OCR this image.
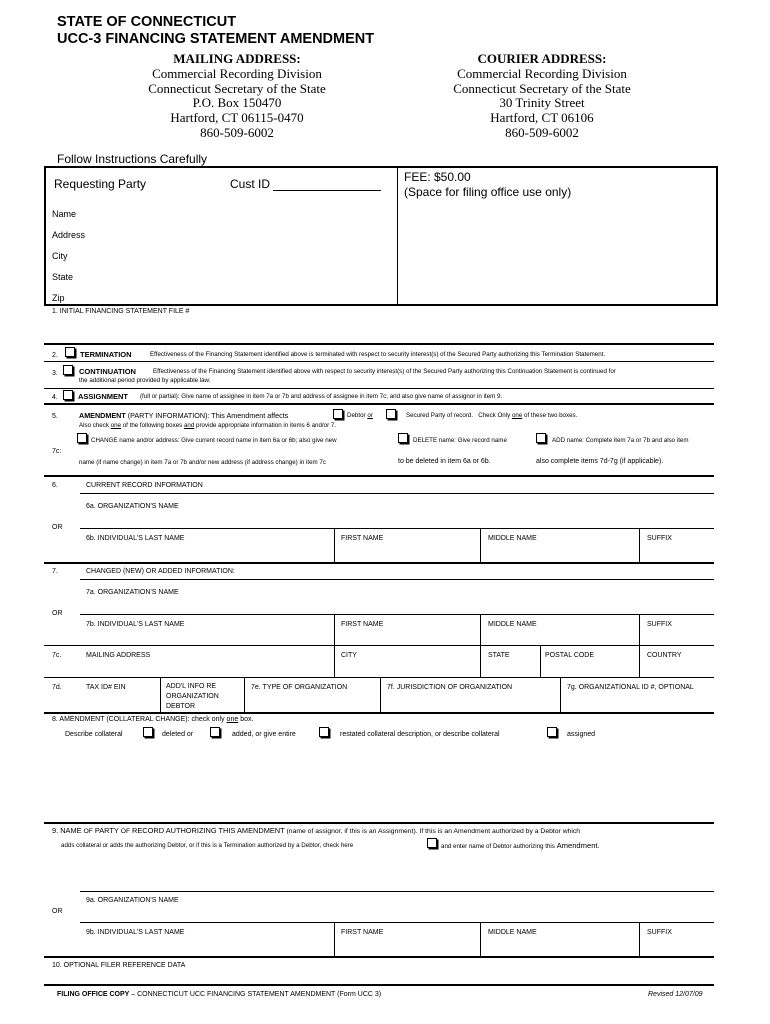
STATE OF CONNECTICUT
UCC-3 FINANCING STATEMENT AMENDMENT
MAILING ADDRESS:
Commercial Recording Division
Connecticut Secretary of the State
P.O. Box 150470
Hartford, CT 06115-0470
860-509-6002
COURIER ADDRESS:
Commercial Recording Division
Connecticut Secretary of the State
30 Trinity Street
Hartford, CT 06106
860-509-6002
Follow Instructions Carefully
Requesting Party	Cust ID	FEE: $50.00
(Space for filing office use only)
Name
Address
City
State
Zip
1. INITIAL FINANCING STATEMENT FILE #
2.	TERMINATION	Effectiveness of the Financing Statement identified above is terminated with respect to security interest(s) of the Secured Party authorizing this Termination Statement.
3.	CONTINUATION	Effectiveness of the Financing Statement identified above with respect to security interest(s) of the Secured Party authorizing this Continuation Statement is continued for
the additional period provided by applicable law.
4.	ASSIGNMENT (full or partial): Give name of assignee in item 7a or 7b and address of assignee in item 7c; and also give name of assignor in item 9.
5.	AMENDMENT (PARTY INFORMATION): This Amendment affects	Debtor or	Secured Party of record.   Check Only one of these two boxes.
Also check one of the following boxes and provide appropriate information in items 6 and/or 7.
7c:
CHANGE name and/or address: Give current record name in item 6a or 6b; also give new
name (if name change) in item 7a or 7b and/or new address (if address change) in item 7c
DELETE name: Give record name
to be deleted in item 6a or 6b.
ADD name: Complete item 7a or 7b and also item
also complete items 7d-7g (if applicable).
6.	CURRENT RECORD INFORMATION
6a. ORGANIZATION'S NAME
OR
6b. INDIVIDUAL'S LAST NAME	FIRST NAME	MIDDLE NAME	SUFFIX
7.	CHANGED (NEW) OR ADDED INFORMATION:
7a. ORGANIZATION'S NAME
OR
7b. INDIVIDUAL'S LAST NAME	FIRST NAME	MIDDLE NAME	SUFFIX
7c.	MAILING ADDRESS	CITY	STATE	POSTAL CODE	COUNTRY
7d.	TAX ID# EIN	ADD'L INFO RE
ORGANIZATION
DEBTOR
7e. TYPE OF ORGANIZATION	7f. JURISDICTION OF ORGANIZATION	7g. ORGANIZATIONAL ID #, OPTIONAL
8. AMENDMENT (COLLATERAL CHANGE): check only one box.
Describe collateral	deleted or	added, or give entire	restated collateral description, or describe collateral	assigned
9. NAME OF PARTY OF RECORD AUTHORIZING THIS AMENDMENT (name of assignor, if this is an Assignment). If this is an Amendment authorized by a Debtor which
adds collateral or adds the authorizing Debtor, or if this is a Termination authorized by a Debtor, check here	and enter name of Debtor authorizing this Amendment.
9a. ORGANIZATION'S NAME
OR
9b. INDIVIDUAL'S LAST NAME	FIRST NAME	MIDDLE NAME	SUFFIX
10. OPTIONAL FILER REFERENCE DATA
FILING OFFICE COPY – CONNECTICUT UCC FINANCING STATEMENT AMENDMENT (Form UCC 3)	Revised 12/07/09
